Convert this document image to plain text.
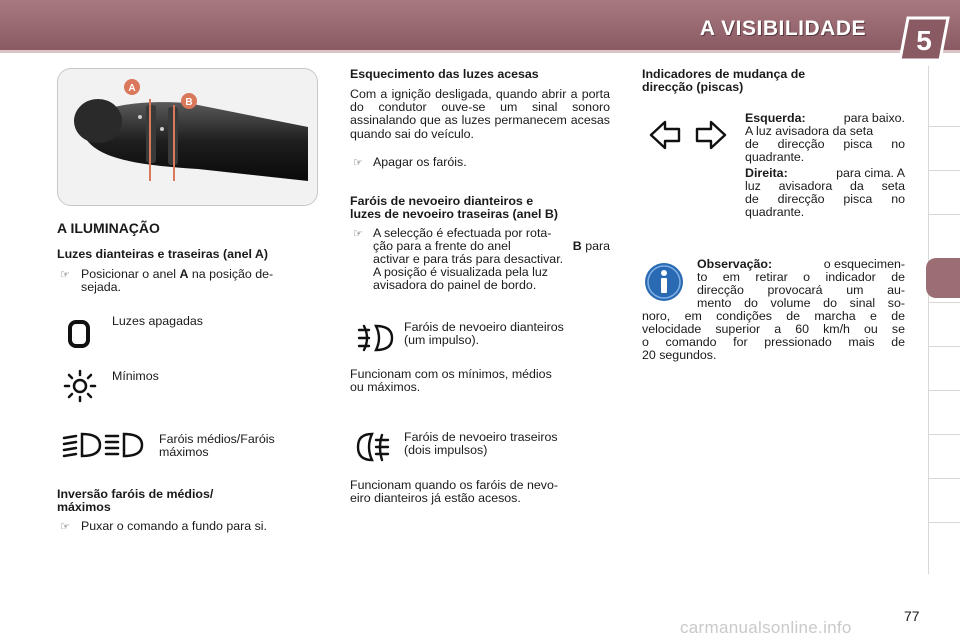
A VISIBILIDADE 5
A
B
A ILUMINAÇÃO
Luzes dianteiras e traseiras (anel A)
☞ Posicionar o anel A na posição de-
sejada.
Luzes apagadas
Mínimos
Faróis médios/Faróis
máximos
Inversão faróis de médios/
máximos
☞ Puxar o comando a fundo para si.
Esquecimento das luzes acesas
Com a ignição desligada, quando abrir a porta do condutor ouve-se um sinal sonoro assinalando que as luzes permanecem acesas quando sai do veículo.
☞ Apagar os faróis.
Faróis de nevoeiro dianteiros e
luzes de nevoeiro traseiras (anel B)
☞ A selecção é efectuada por rota-
ção para a frente do anel	B para
activar e para trás para desactivar.
A posição é visualizada pela luz
avisadora do painel de bordo.
Faróis de nevoeiro dianteiros
(um impulso).
Funcionam com os mínimos, médios
ou máximos.
Faróis de nevoeiro traseiros
(dois impulsos)
Funcionam quando os faróis de nevo-
eiro dianteiros já estão acesos.
Indicadores de mudança de
direcção (piscas)
Esquerda:	para baixo.
A luz avisadora da seta
de direcção pisca no
quadrante.
Direita:	para cima. A
luz avisadora da seta
de direcção pisca no
quadrante.
Observação:	o esquecimen-
to em retirar o indicador de
direcção provocará um au-
mento do volume do sinal so-
noro, em condições de marcha e de
velocidade superior a 60 km/h ou se
o comando for pressionado mais de
20 segundos.
77
carmanualsonline.info
